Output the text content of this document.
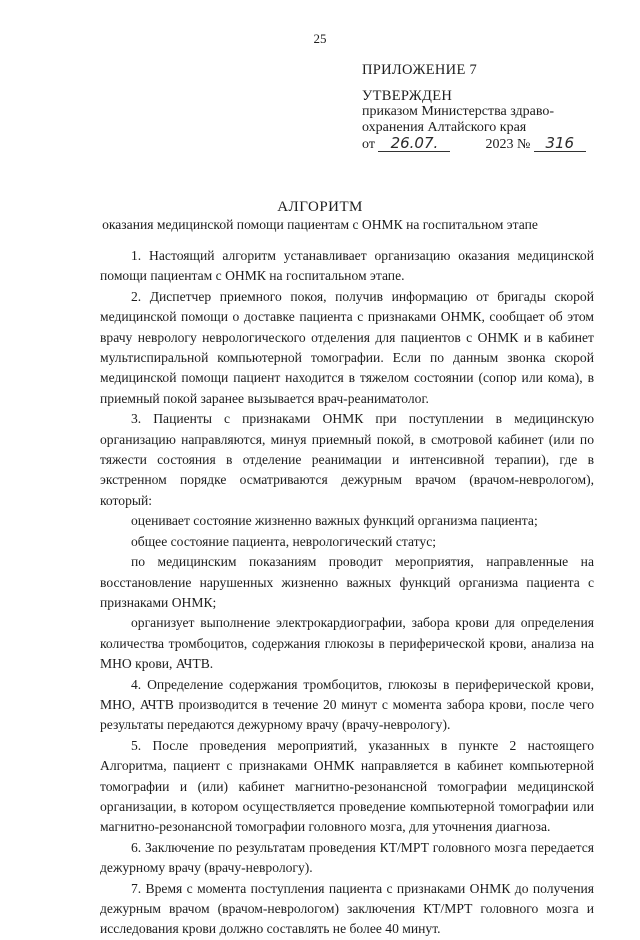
25
ПРИЛОЖЕНИЕ 7
УТВЕРЖДЕН
приказом Министерства здраво-
охранения Алтайского края
от 26.07.	2023 № 316
АЛГОРИТМ
оказания медицинской помощи пациентам с ОНМК на госпитальном этапе

1. Настоящий алгоритм устанавливает организацию оказания медицинской помощи пациентам с ОНМК на госпитальном этапе.

2. Диспетчер приемного покоя, получив информацию от бригады скорой медицинской помощи о доставке пациента с признаками ОНМК, сообщает об этом врачу неврологу неврологического отделения для пациентов с ОНМК и в кабинет мультиспиральной компьютерной томографии. Если по данным звонка скорой медицинской помощи пациент находится в тяжелом состоянии (сопор или кома), в приемный покой заранее вызывается врач-реаниматолог.

3. Пациенты с признаками ОНМК при поступлении в медицинскую организацию направляются, минуя приемный покой, в смотровой кабинет (или по тяжести состояния в отделение реанимации и интенсивной терапии), где в экстренном порядке осматриваются дежурным врачом (врачом-неврологом), который:

оценивает состояние жизненно важных функций организма пациента;

общее состояние пациента, неврологический статус;

по медицинским показаниям проводит мероприятия, направленные на восстановление нарушенных жизненно важных функций организма пациента с признаками ОНМК;

организует выполнение электрокардиографии, забора крови для определения количества тромбоцитов, содержания глюкозы в периферической крови, анализа на МНО крови, АЧТВ.

4. Определение содержания тромбоцитов, глюкозы в периферической крови, МНО, АЧТВ производится в течение 20 минут с момента забора крови, после чего результаты передаются дежурному врачу (врачу-неврологу).

5. После проведения мероприятий, указанных в пункте 2 настоящего Алгоритма, пациент с признаками ОНМК направляется в кабинет компьютерной томографии и (или) кабинет магнитно-резонансной томографии медицинской организации, в котором осуществляется проведение компьютерной томографии или магнитно-резонансной томографии головного мозга, для уточнения диагноза.

6. Заключение по результатам проведения КТ/МРТ головного мозга передается дежурному врачу (врачу-неврологу).

7. Время с момента поступления пациента с признаками ОНМК до получения дежурным врачом (врачом-неврологом) заключения КТ/МРТ головного мозга и исследования крови должно составлять не более 40 минут.
